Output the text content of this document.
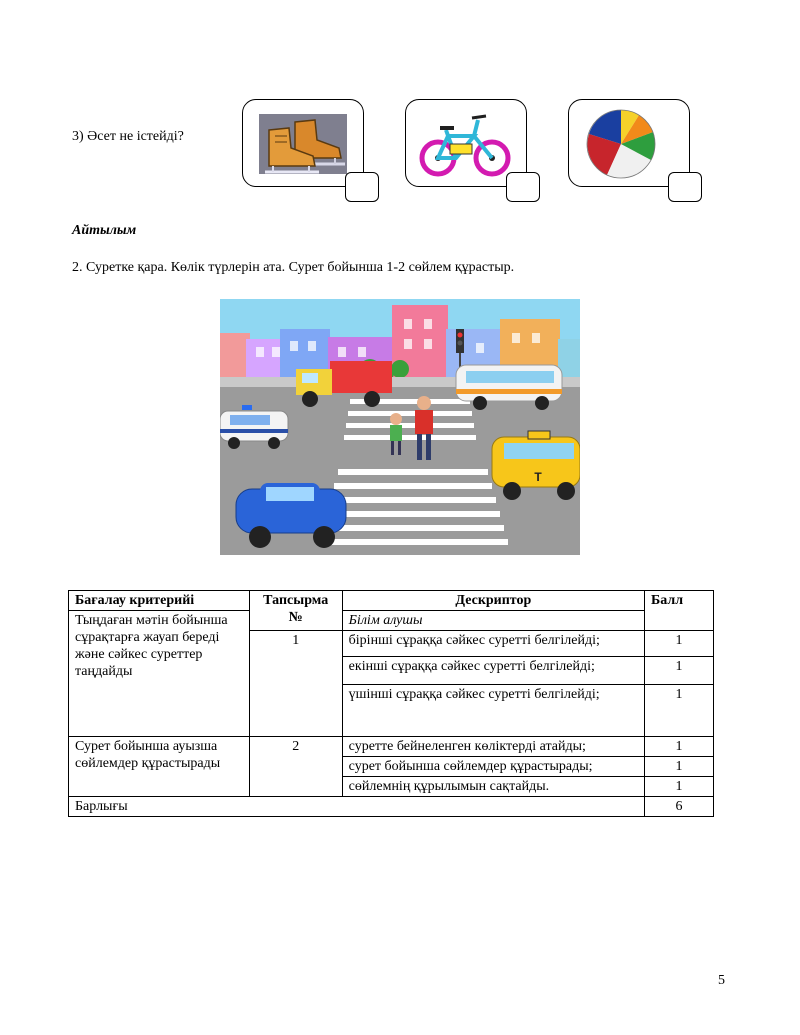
3) Әсет не істейді?
Айтылым
2. Суретке қара. Көлік түрлерін ата. Сурет бойынша 1-2 сөйлем құрастыр.
T
Бағалау критерийі	Тапсырма №	Дескриптор	Балл
Тыңдаған мәтін бойынша сұрақтарға жауап береді және сәйкес суреттер таңдайды		Білім алушы	
	1	бірінші сұраққа сәйкес суретті белгілейді;	1
		екінші сұраққа сәйкес суретті белгілейді;	1
		үшінші сұраққа сәйкес суретті белгілейді;	1
Сурет бойынша ауызша сөйлемдер құрастырады	2	суретте бейнеленген көліктерді атайды;	1
		сурет бойынша сөйлемдер құрастырады;	1
		сөйлемнің құрылымын сақтайды.	1
Барлығы			6
5
